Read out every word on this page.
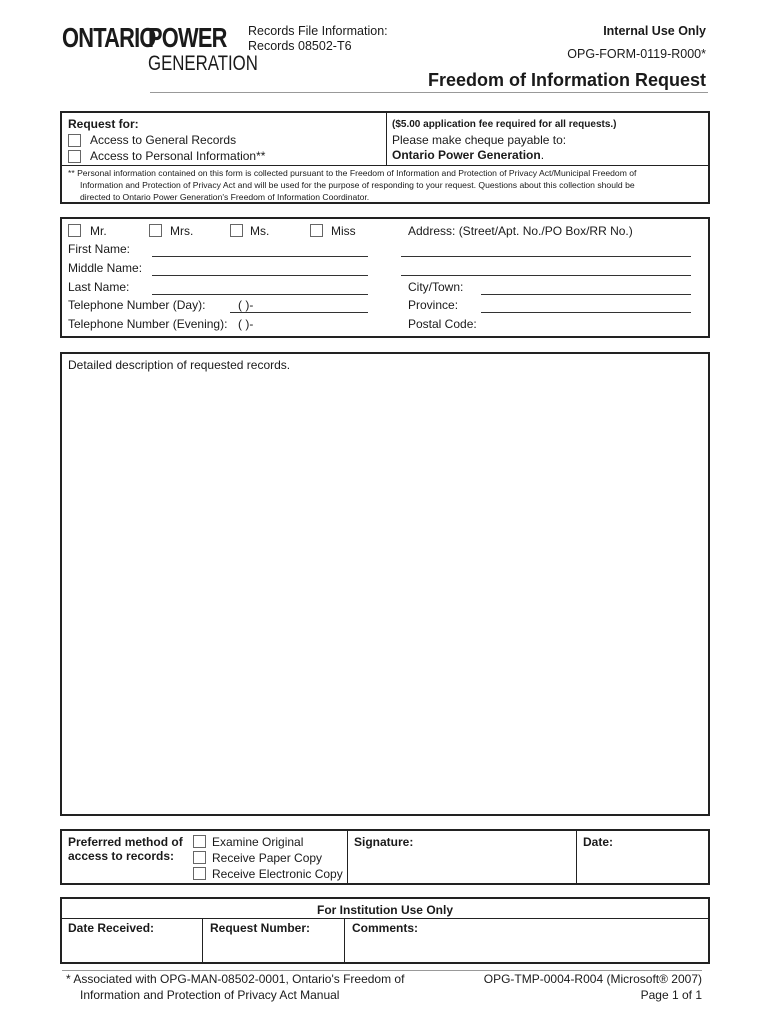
ONTARIO
POWER
GENERATION
Records File Information:
Records 08502-T6
Internal Use Only
OPG-FORM-0119-R000*
Freedom of Information Request
Request for:
Access to General Records
Access to Personal Information**
($5.00 application fee required for all requests.)
Please make cheque payable to:
Ontario Power Generation.
** Personal information contained on this form is collected pursuant to the Freedom of Information and Protection of Privacy Act/Municipal Freedom of
Information and Protection of Privacy Act and will be used for the purpose of responding to your request. Questions about this collection should be
directed to Ontario Power Generation's Freedom of Information Coordinator.
Mr.	Mrs.	Ms.	Miss
First Name:
Middle Name:
Last Name:
Telephone Number (Day):	( )-
Telephone Number (Evening): ( )-
Address: (Street/Apt. No./PO Box/RR No.)
City/Town:
Province:
Postal Code:
Detailed description of requested records.
Preferred method of
access to records:
Examine Original
Receive Paper Copy
Receive Electronic Copy
Signature:	Date:
For Institution Use Only
Date Received:	Request Number:	Comments:
* Associated with OPG-MAN-08502-0001, Ontario's Freedom of
Information and Protection of Privacy Act Manual
OPG-TMP-0004-R004 (Microsoft® 2007)
Page 1 of 1
